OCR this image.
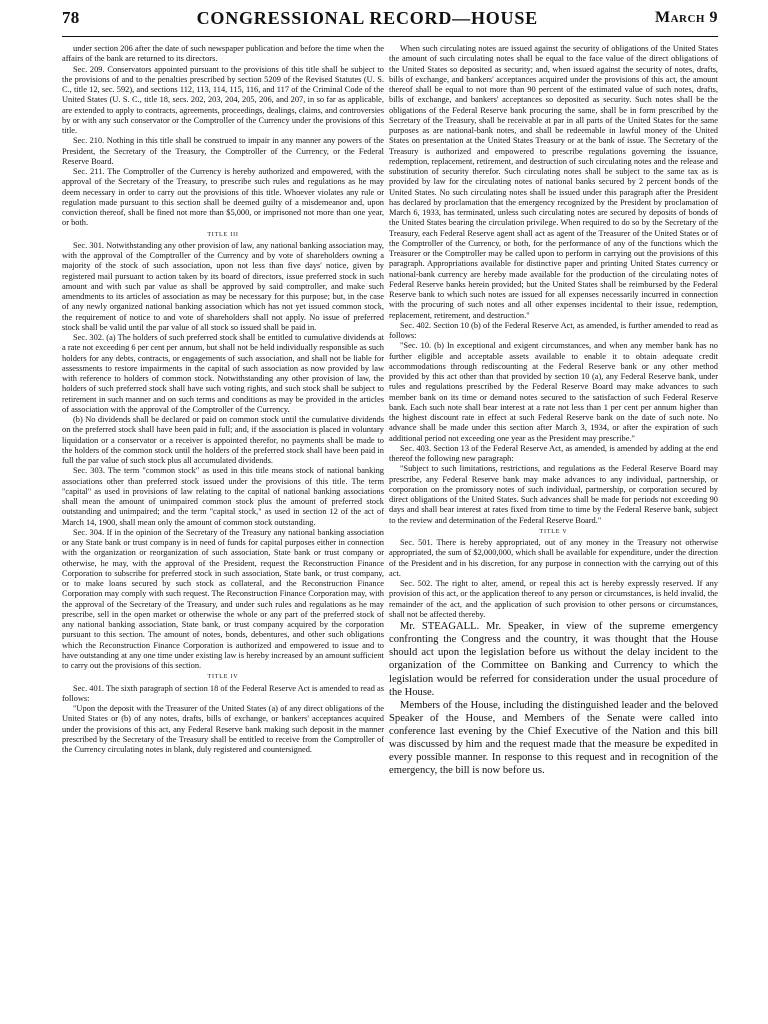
78	CONGRESSIONAL RECORD—HOUSE	March 9

under section 206 after the date of such newspaper publication and before the time when the affairs of the bank are returned to its directors.

Sec. 209. Conservators appointed pursuant to the provisions of this title shall be subject to the provisions of and to the penalties prescribed by section 5209 of the Revised Statutes (U. S. C., title 12, sec. 592), and sections 112, 113, 114, 115, 116, and 117 of the Criminal Code of the United States (U. S. C., title 18, secs. 202, 203, 204, 205, 206, and 207, in so far as applicable, are extended to apply to contracts, agreements, proceedings, dealings, claims, and controversies by or with any such conservator or the Comptroller of the Currency under the provisions of this title.

Sec. 210. Nothing in this title shall be construed to impair in any manner any powers of the President, the Secretary of the Treasury, the Comptroller of the Currency, or the Federal Reserve Board.

Sec. 211. The Comptroller of the Currency is hereby authorized and empowered, with the approval of the Secretary of the Treasury, to prescribe such rules and regulations as he may deem necessary in order to carry out the provisions of this title. Whoever violates any rule or regulation made pursuant to this section shall be deemed guilty of a misdemeanor and, upon conviction thereof, shall be fined not more than $5,000, or imprisoned not more than one year, or both.

TITLE III

Sec. 301. Notwithstanding any other provision of law, any national banking association may, with the approval of the Comptroller of the Currency and by vote of shareholders owning a majority of the stock of such association, upon not less than five days' notice, given by registered mail pursuant to action taken by its board of directors, issue preferred stock in such amount and with such par value as shall be approved by said comptroller, and make such amendments to its articles of association as may be necessary for this purpose; but, in the case of any newly organized national banking association which has not yet issued common stock, the requirement of notice to and vote of shareholders shall not apply. No issue of preferred stock shall be valid until the par value of all stock so issued shall be paid in.

Sec. 302. (a) The holders of such preferred stock shall be entitled to cumulative dividends at a rate not exceeding 6 per cent per annum, but shall not be held individually responsible as such holders for any debts, contracts, or engagements of such association, and shall not be liable for assessments to restore impairments in the capital of such association as now provided by law with reference to holders of common stock. Notwithstanding any other provision of law, the holders of such preferred stock shall have such voting rights, and such stock shall be subject to retirement in such manner and on such terms and conditions as may be provided in the articles of association with the approval of the Comptroller of the Currency.

(b) No dividends shall be declared or paid on common stock until the cumulative dividends on the preferred stock shall have been paid in full; and, if the association is placed in voluntary liquidation or a conservator or a receiver is appointed therefor, no payments shall be made to the holders of the common stock until the holders of the preferred stock shall have been paid in full the par value of such stock plus all accumulated dividends.

Sec. 303. The term "common stock" as used in this title means stock of national banking associations other than preferred stock issued under the provisions of this title. The term "capital" as used in provisions of law relating to the capital of national banking associations shall mean the amount of unimpaired common stock plus the amount of preferred stock outstanding and unimpaired; and the term "capital stock," as used in section 12 of the act of March 14, 1900, shall mean only the amount of common stock outstanding.

Sec. 304. If in the opinion of the Secretary of the Treasury any national banking association or any State bank or trust company is in need of funds for capital purposes either in connection with the organization or reorganization of such association, State bank or trust company or otherwise, he may, with the approval of the President, request the Reconstruction Finance Corporation to subscribe for preferred stock in such association, State bank, or trust company, or to make loans secured by such stock as collateral, and the Reconstruction Finance Corporation may comply with such request. The Reconstruction Finance Corporation may, with the approval of the Secretary of the Treasury, and under such rules and regulations as he may prescribe, sell in the open market or otherwise the whole or any part of the preferred stock of any national banking association, State bank, or trust company acquired by the corporation pursuant to this section. The amount of notes, bonds, debentures, and other such obligations which the Reconstruction Finance Corporation is authorized and empowered to issue and to have outstanding at any one time under existing law is hereby increased by an amount sufficient to carry out the provisions of this section.

TITLE IV

Sec. 401. The sixth paragraph of section 18 of the Federal Reserve Act is amended to read as follows:

"Upon the deposit with the Treasurer of the United States (a) of any direct obligations of the United States or (b) of any notes, drafts, bills of exchange, or bankers' acceptances acquired under the provisions of this act, any Federal Reserve bank making such deposit in the manner prescribed by the Secretary of the Treasury shall be entitled to receive from the Comptroller of the Currency circulating notes in blank, duly registered and countersigned.

When such circulating notes are issued against the security of obligations of the United States the amount of such circulating notes shall be equal to the face value of the direct obligations of the United States so deposited as security; and, when issued against the security of notes, drafts, bills of exchange, and bankers' acceptances acquired under the provisions of this act, the amount thereof shall be equal to not more than 90 percent of the estimated value of such notes, drafts, bills of exchange, and bankers' acceptances so deposited as security. Such notes shall be the obligations of the Federal Reserve bank procuring the same, shall be in form prescribed by the Secretary of the Treasury, shall be receivable at par in all parts of the United States for the same purposes as are national-bank notes, and shall be redeemable in lawful money of the United States on presentation at the United States Treasury or at the bank of issue. The Secretary of the Treasury is authorized and empowered to prescribe regulations governing the issuance, redemption, replacement, retirement, and destruction of such circulating notes and the release and substitution of security therefor. Such circulating notes shall be subject to the same tax as is provided by law for the circulating notes of national banks secured by 2 percent bonds of the United States. No such circulating notes shall be issued under this paragraph after the President has declared by proclamation that the emergency recognized by the President by proclamation of March 6, 1933, has terminated, unless such circulating notes are secured by deposits of bonds of the United States bearing the circulation privilege. When required to do so by the Secretary of the Treasury, each Federal Reserve agent shall act as agent of the Treasurer of the United States or of the Comptroller of the Currency, or both, for the performance of any of the functions which the Treasurer or the Comptroller may be called upon to perform in carrying out the provisions of this paragraph. Appropriations available for distinctive paper and printing United States currency or national-bank currency are hereby made available for the production of the circulating notes of Federal Reserve banks herein provided; but the United States shall be reimbursed by the Federal Reserve bank to which such notes are issued for all expenses necessarily incurred in connection with the procuring of such notes and all other expenses incidental to their issue, redemption, replacement, retirement, and destruction."

Sec. 402. Section 10 (b) of the Federal Reserve Act, as amended, is further amended to read as follows:

"Sec. 10. (b) In exceptional and exigent circumstances, and when any member bank has no further eligible and acceptable assets available to enable it to obtain adequate credit accommodations through rediscounting at the Federal Reserve bank or any other method provided by this act other than that provided by section 10 (a), any Federal Reserve bank, under rules and regulations prescribed by the Federal Reserve Board may make advances to such member bank on its time or demand notes secured to the satisfaction of such Federal Reserve bank. Each such note shall bear interest at a rate not less than 1 per cent per annum higher than the highest discount rate in effect at such Federal Reserve bank on the date of such note. No advance shall be made under this section after March 3, 1934, or after the expiration of such additional period not exceeding one year as the President may prescribe."

Sec. 403. Section 13 of the Federal Reserve Act, as amended, is amended by adding at the end thereof the following new paragraph:

"Subject to such limitations, restrictions, and regulations as the Federal Reserve Board may prescribe, any Federal Reserve bank may make advances to any individual, partnership, or corporation on the promissory notes of such individual, partnership, or corporation secured by direct obligations of the United States. Such advances shall be made for periods not exceeding 90 days and shall bear interest at rates fixed from time to time by the Federal Reserve bank, subject to the review and determination of the Federal Reserve Board."

TITLE V

Sec. 501. There is hereby appropriated, out of any money in the Treasury not otherwise appropriated, the sum of $2,000,000, which shall be available for expenditure, under the direction of the President and in his discretion, for any purpose in connection with the carrying out of this act.

Sec. 502. The right to alter, amend, or repeal this act is hereby expressly reserved. If any provision of this act, or the application thereof to any person or circumstances, is held invalid, the remainder of the act, and the application of such provision to other persons or circumstances, shall not be affected thereby.

Mr. STEAGALL. Mr. Speaker, in view of the supreme emergency confronting the Congress and the country, it was thought that the House should act upon the legislation before us without the delay incident to the organization of the Committee on Banking and Currency to which the legislation would be referred for consideration under the usual procedure of the House.

Members of the House, including the distinguished leader and the beloved Speaker of the House, and Members of the Senate were called into conference last evening by the Chief Executive of the Nation and this bill was discussed by him and the request made that the measure be expedited in every possible manner. In response to this request and in recognition of the emergency, the bill is now before us.
